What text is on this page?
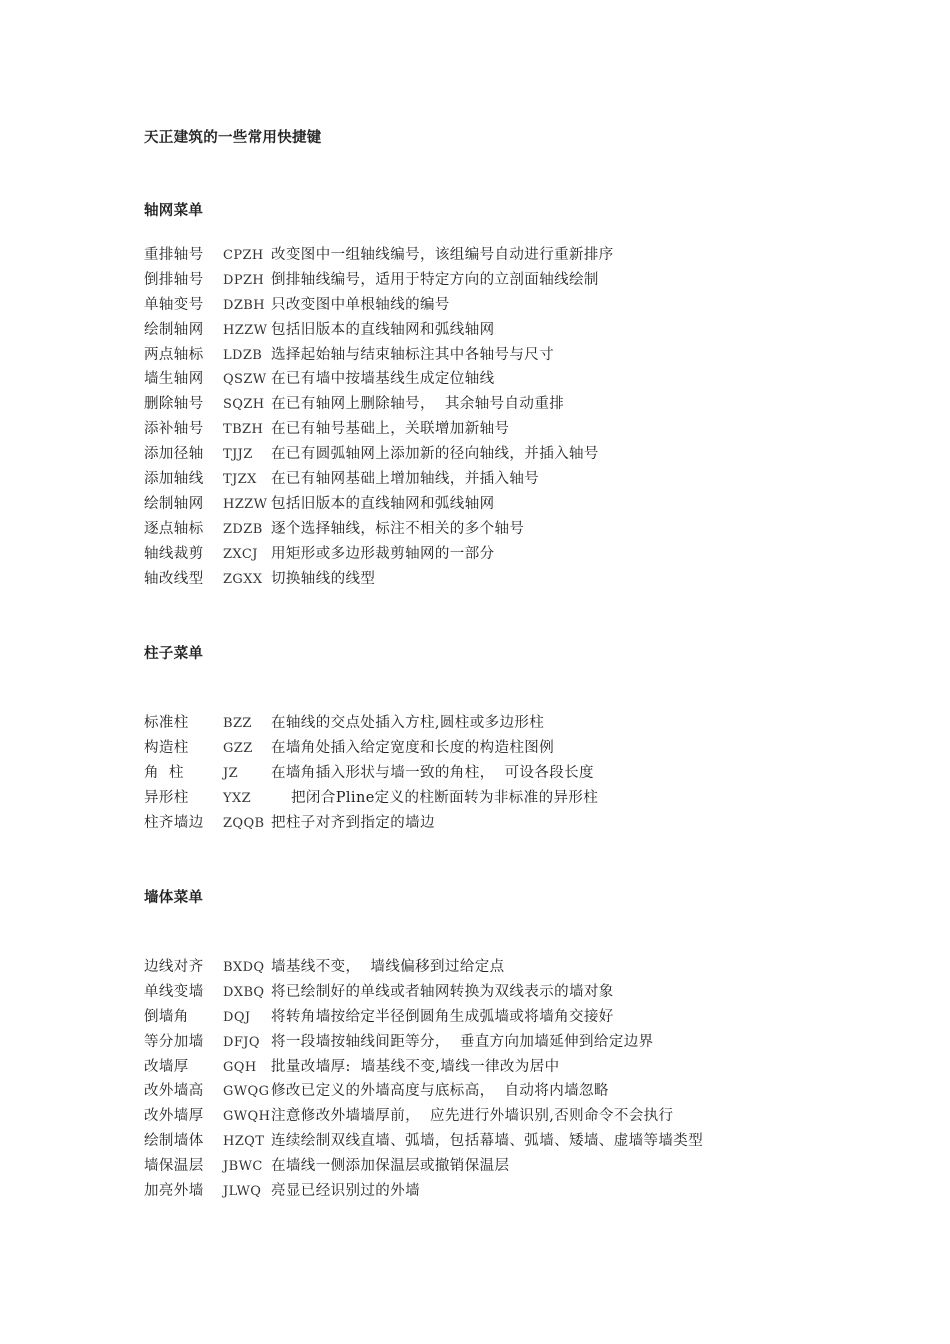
天正建筑的一些常用快捷键
轴网菜单
重排轴号 CPZH 改变图中一组轴线编号，该组编号自动进行重新排序
倒排轴号 DPZH 倒排轴线编号，适用于特定方向的立剖面轴线绘制
单轴变号 DZBH 只改变图中单根轴线的编号
绘制轴网 HZZW 包括旧版本的直线轴网和弧线轴网
两点轴标 LDZB 选择起始轴与结束轴标注其中各轴号与尺寸
墙生轴网 QSZW 在已有墙中按墙基线生成定位轴线
删除轴号 SQZH 在已有轴网上删除轴号，  其余轴号自动重排
添补轴号 TBZH 在已有轴号基础上，关联增加新轴号
添加径轴 TJJZ 在已有圆弧轴网上添加新的径向轴线，并插入轴号
添加轴线 TJZX 在已有轴网基础上增加轴线，并插入轴号
绘制轴网 HZZW 包括旧版本的直线轴网和弧线轴网
逐点轴标 ZDZB 逐个选择轴线，标注不相关的多个轴号
轴线裁剪 ZXCJ 用矩形或多边形裁剪轴网的一部分
轴改线型 ZGXX 切换轴线的线型
柱子菜单
标准柱	BZZ 在轴线的交点处插入方柱,圆柱或多边形柱
构造柱	GZZ 在墙角处插入给定宽度和长度的构造柱图例
角  柱	JZ 在墙角插入形状与墙一致的角柱，  可设各段长度
异形柱	YXZ    把闭合Pline定义的柱断面转为非标准的异形柱
柱齐墙边 ZQQB 把柱子对齐到指定的墙边
墙体菜单
边线对齐 BXDQ 墙基线不变，  墙线偏移到过给定点
单线变墙 DXBQ 将已绘制好的单线或者轴网转换为双线表示的墙对象
倒墙角	DQJ 将转角墙按给定半径倒圆角生成弧墙或将墙角交接好
等分加墙 DFJQ 将一段墙按轴线间距等分，  垂直方向加墙延伸到给定边界
改墙厚	GQH 批量改墙厚:  墙基线不变,墙线一律改为居中
改外墙高 GWQG 修改已定义的外墙高度与底标高，  自动将内墙忽略
改外墙厚 GWQH注意修改外墙墙厚前，  应先进行外墙识别,否则命令不会执行
绘制墙体 HZQT 连续绘制双线直墙、弧墙，包括幕墙、弧墙、矮墙、虚墙等墙类型
墙保温层 JBWC 在墙线一侧添加保温层或撤销保温层
加亮外墙 JLWQ 亮显已经识别过的外墙
